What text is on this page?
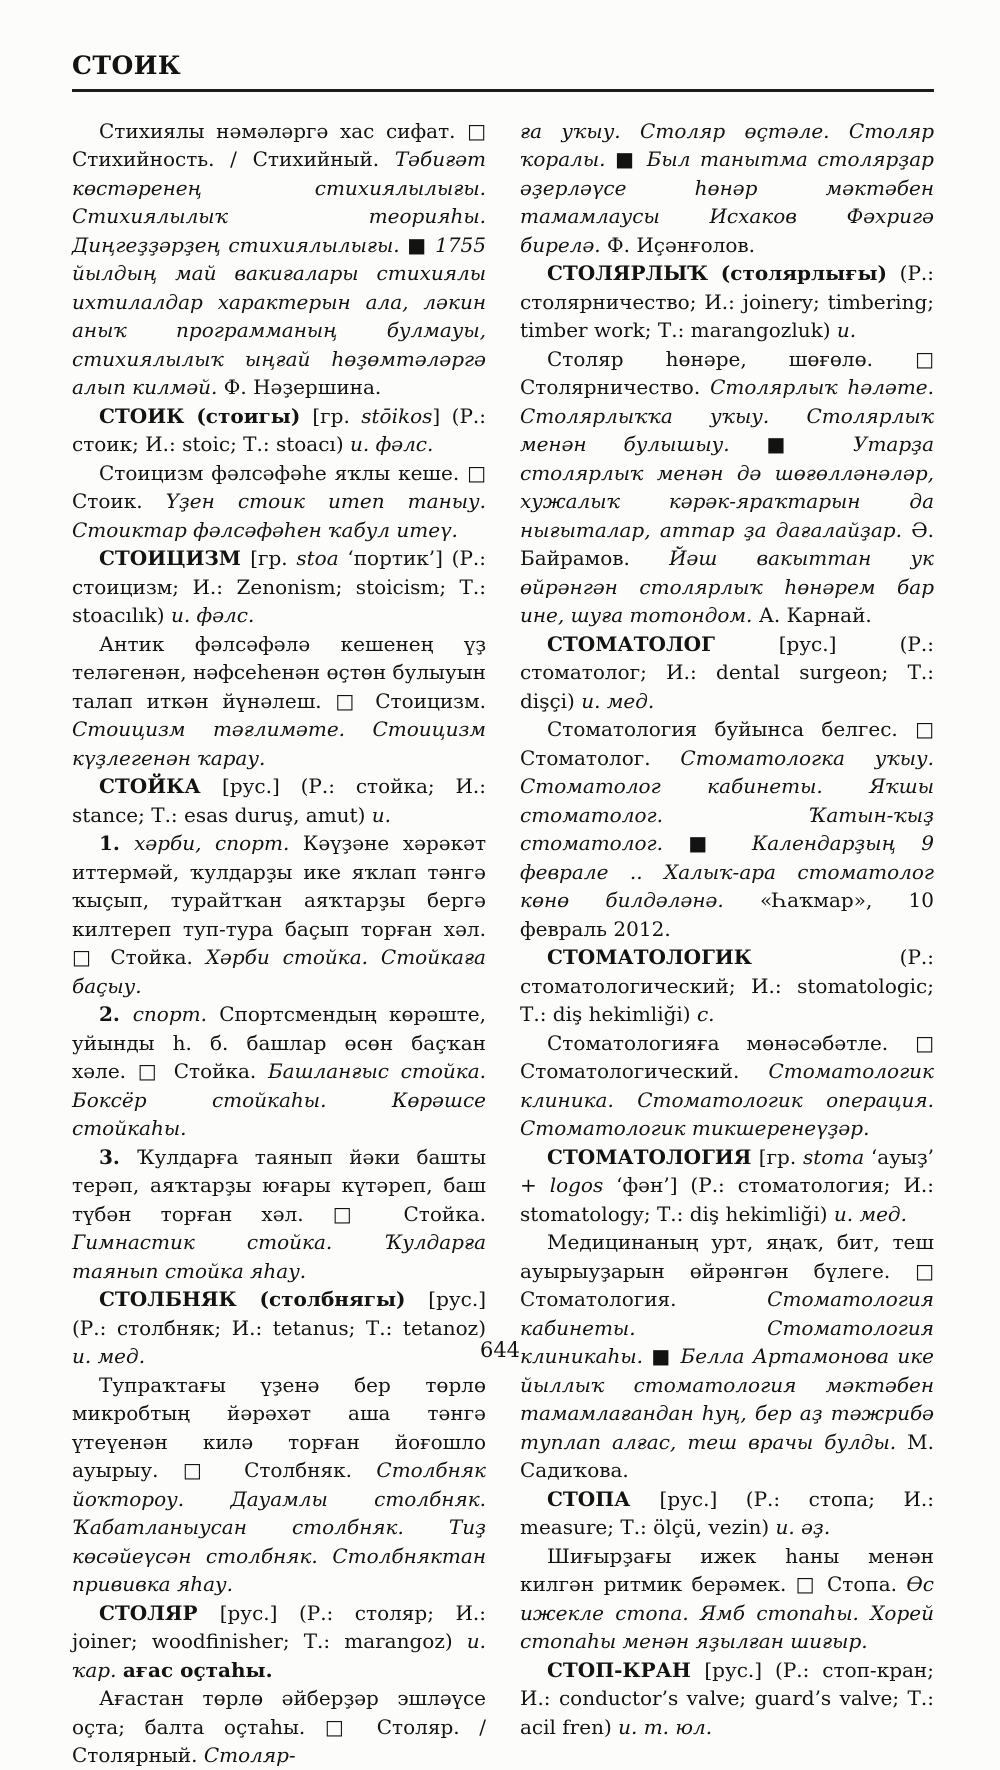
СТОИК

Стихиялы нәмәләргә хас сифат. □ Стихийность. / Стихийный. Тәбиғәт көстәренең стихиялылығы. Стихиялылыҡ теорияһы. Диңгеҙҙәрҙең стихиялылығы. ■ 1755 йылдың май вакиғалары стихиялы ихтилалдар характерын ала, ләкин аныҡ программаның булмауы, стихиялылыҡ ыңғай һөҙөмтәләргә алып килмәй. Ф. Нәҙершина.

СТОИК (стоигы) [гр. stōikos] (Р.: стоик; И.: stoic; Т.: stoacı) и. фәлс.

Стоицизм фәлсәфәһе яҡлы кеше. □ Стоик. Үҙен стоик итеп таныу. Стоиктар фәлсәфәһен ҡабул итеү.

СТОИЦИЗМ [гр. stoa ‘портик’] (Р.: стоицизм; И.: Zenonism; stoicism; Т.: stoacılık) и. фәлс.

Антик фәлсәфәлә кешенең үҙ теләгенән, нәфсеһенән өҫтөн булыуын талап иткән йүнәлеш. □ Стоицизм. Стоицизм тәғлимәте. Стоицизм күҙлегенән ҡарау.

СТОЙКА [рус.] (Р.: стойка; И.: stance; Т.: esas duruş, amut) и.

1. хәрби, спорт. Кәүҙәне хәрәкәт иттермәй, ҡулдарҙы ике яҡлап тәнгә ҡыҫып, турайтҡан аяҡтарҙы бергә килтереп туп-тура баҫып торған хәл. □ Стойка. Хәрби стойка. Стойкаға баҫыу.

2. спорт. Спортсмендың көрәште, уйынды һ. б. башлар өсөн баҫҡан хәле. □ Стойка. Башланғыс стойка. Боксёр стойкаһы. Көрәшсе стойкаһы.

3. Ҡулдарға таянып йәки башты терәп, аяҡтарҙы юғары күтәреп, баш түбән торған хәл. □ Стойка. Гимнастик стойка. Ҡулдарға таянып стойка яһау.

СТОЛБНЯК (столбнягы) [рус.] (Р.: столбняк; И.: tetanus; Т.: tetanoz) и. мед.

Тупраҡтағы үҙенә бер төрлө микробтың йәрәхәт аша тәнгә үтеүенән килә торған йоғошло ауырыу. □ Столбняк. Столбняк йоҡтороу. Дауамлы столбняк. Ҡабатланыусан столбняк. Тиҙ көсәйеүсән столбняк. Столбняктан прививка яһау.

СТОЛЯР [рус.] (Р.: столяр; И.: joiner; woodfinisher; Т.: marangoz) и. ҡар. ағас оҫтаһы.

Ағастан төрлө әйберҙәр эшләүсе оҫта; балта оҫтаһы. □ Столяр. / Столярный. Столяр-

ға уҡыу. Столяр өҫтәле. Столяр ҡоралы. ■ Был танытма столярҙар әҙерләүсе һөнәр мәктәбен тамамлаусы Исхаков Фәхригә бирелә. Ф. Иҫәнғолов.

СТОЛЯРЛЫҠ (столярлығы) (Р.: столярничество; И.: joinery; timbering; timber work; Т.: marangozluk) и.

Столяр һөнәре, шөғөлө. □ Столярничество. Столярлыҡ һәләте. Столярлыҡҡа уҡыу. Столярлыҡ менән булышыу. ■ Утарҙа столярлыҡ менән дә шөғөлләнәләр, хужалыҡ кәрәк-яраҡтарын да нығыталар, аттар ҙа дағалайҙар. Ә. Байрамов. Йәш вакыттан ук өйрәнгән столярлыҡ һөнәрем бар ине, шуға тотондом. А. Карнай.

СТОМАТОЛОГ [рус.] (Р.: стоматолог; И.: dental surgeon; Т.: dişçi) и. мед.

Стоматология буйынса белгес. □ Стоматолог. Стоматологка уҡыу. Стоматолог кабинеты. Яҡшы стоматолог. Ҡатын-ҡыҙ стоматолог. ■ Календарҙың 9 феврале .. Халыҡ-ара стоматолог көнө билдәләнә. «Һаҡмар», 10 февраль 2012.

СТОМАТОЛОГИК (Р.: стоматологический; И.: stomatologic; Т.: diş hekimliği) с.

Стоматологияға мөнәсәбәтле. □ Стоматологический. Стоматологик клиника. Стоматологик операция. Стоматологик тикшеренеүҙәр.

СТОМАТОЛОГИЯ [гр. stoma ‘ауыҙ’ + logos ‘фән’] (Р.: стоматология; И.: stomatology; Т.: diş hekimliği) и. мед.

Медицинаның урт, яңаҡ, бит, теш ауырыуҙарын өйрәнгән бүлеге. □ Стоматология. Стоматология кабинеты. Стоматология клиникаһы. ■ Белла Артамонова ике йыллыҡ стоматология мәктәбен тамамлағандан һуң, бер аҙ тәжрибә туплап алғас, теш врачы булды. М. Садиҡова.

СТОПА [рус.] (Р.: стопа; И.: measure; Т.: ölçü, vezin) и. әҙ.

Шиғырҙағы ижек һаны менән килгән ритмик берәмек. □ Стопа. Өс ижекле стопа. Ямб стопаһы. Хорей стопаһы менән яҙылған шиғыр.

СТОП-КРАН [рус.] (Р.: стоп-кран; И.: conductor’s valve; guard’s valve; Т.: acil fren) и. т. юл.

644
